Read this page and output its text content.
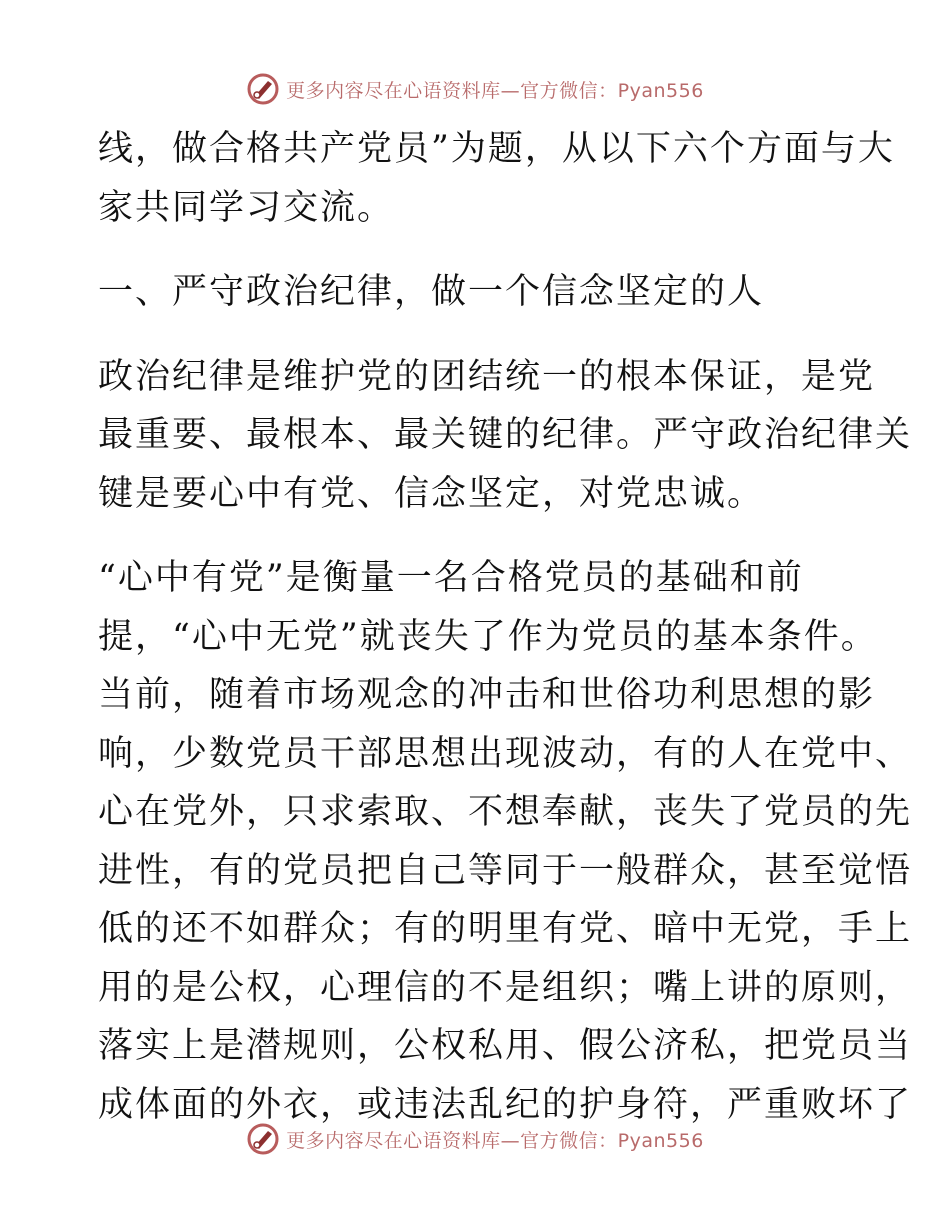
更多内容尽在心语资料库—官方微信：Pyan556
线，做合格共产党员”为题，从以下六个方面与大
家共同学习交流。
一、严守政治纪律，做一个信念坚定的人
政治纪律是维护党的团结统一的根本保证，是党
最重要、最根本、最关键的纪律。严守政治纪律关
键是要心中有党、信念坚定，对党忠诚。
“心中有党”是衡量一名合格党员的基础和前
提，“心中无党”就丧失了作为党员的基本条件。
当前，随着市场观念的冲击和世俗功利思想的影
响，少数党员干部思想出现波动，有的人在党中、
心在党外，只求索取、不想奉献，丧失了党员的先
进性，有的党员把自己等同于一般群众，甚至觉悟
低的还不如群众；有的明里有党、暗中无党，手上
用的是公权，心理信的不是组织；嘴上讲的原则，
落实上是潜规则，公权私用、假公济私，把党员当
成体面的外衣，或违法乱纪的护身符，严重败坏了
更多内容尽在心语资料库—官方微信：Pyan556
